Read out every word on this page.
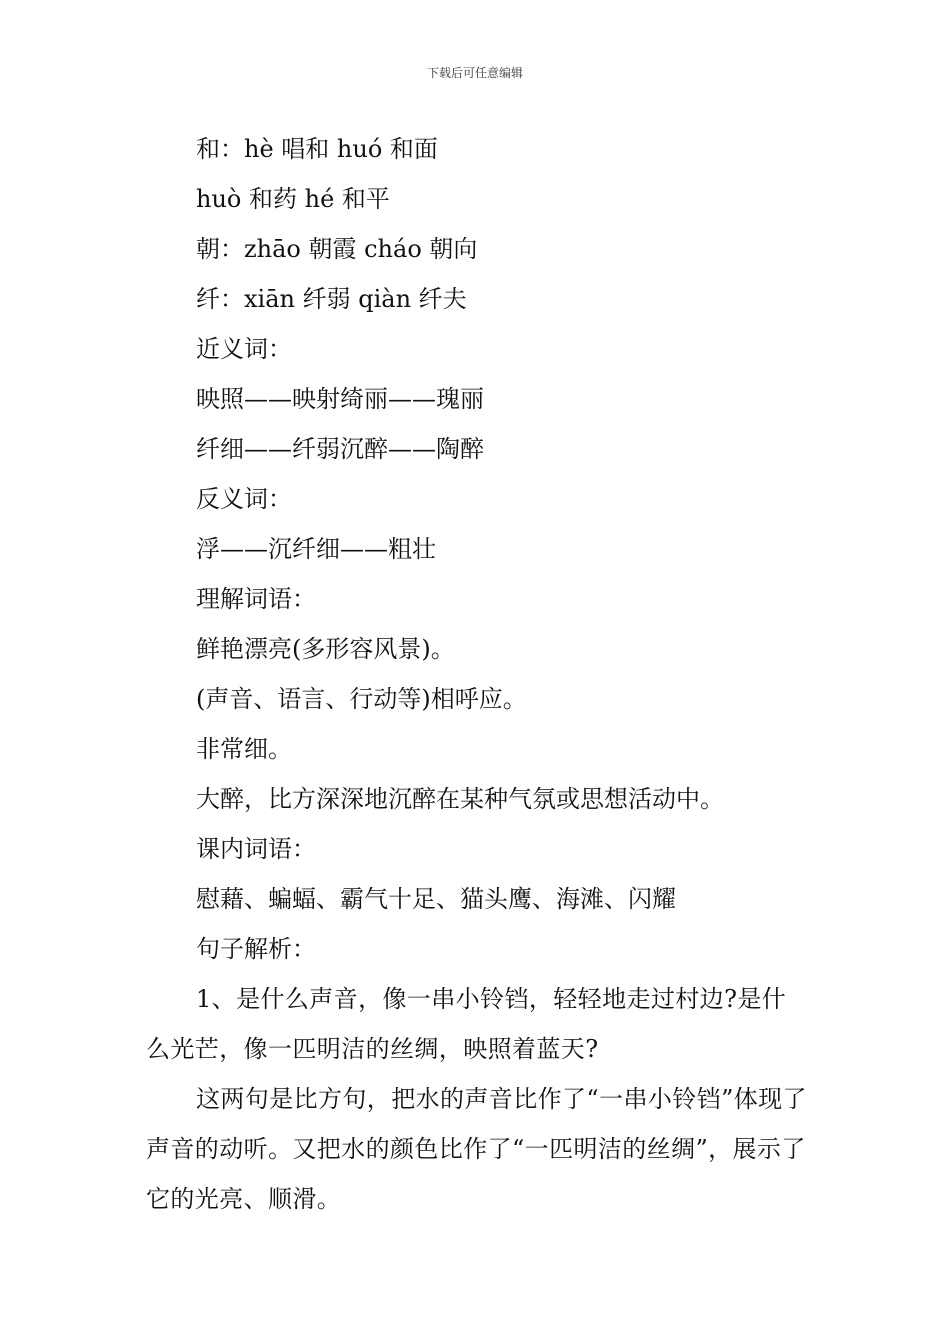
下载后可任意编辑
和：hè 唱和 huó 和面
huò 和药 hé 和平
朝：zhāo 朝霞 cháo 朝向
纤：xiān 纤弱 qiàn 纤夫
近义词：
映照——映射绮丽——瑰丽
纤细——纤弱沉醉——陶醉
反义词：
浮——沉纤细——粗壮
理解词语：
鲜艳漂亮(多形容风景)。
(声音、语言、行动等)相呼应。
非常细。
大醉，比方深深地沉醉在某种气氛或思想活动中。
课内词语：
慰藉、蝙蝠、霸气十足、猫头鹰、海滩、闪耀
句子解析：
1、是什么声音，像一串小铃铛，轻轻地走过村边?是什么光芒，像一匹明洁的丝绸，映照着蓝天?
这两句是比方句，把水的声音比作了“一串小铃铛”体现了声音的动听。又把水的颜色比作了“一匹明洁的丝绸”，展示了它的光亮、顺滑。
